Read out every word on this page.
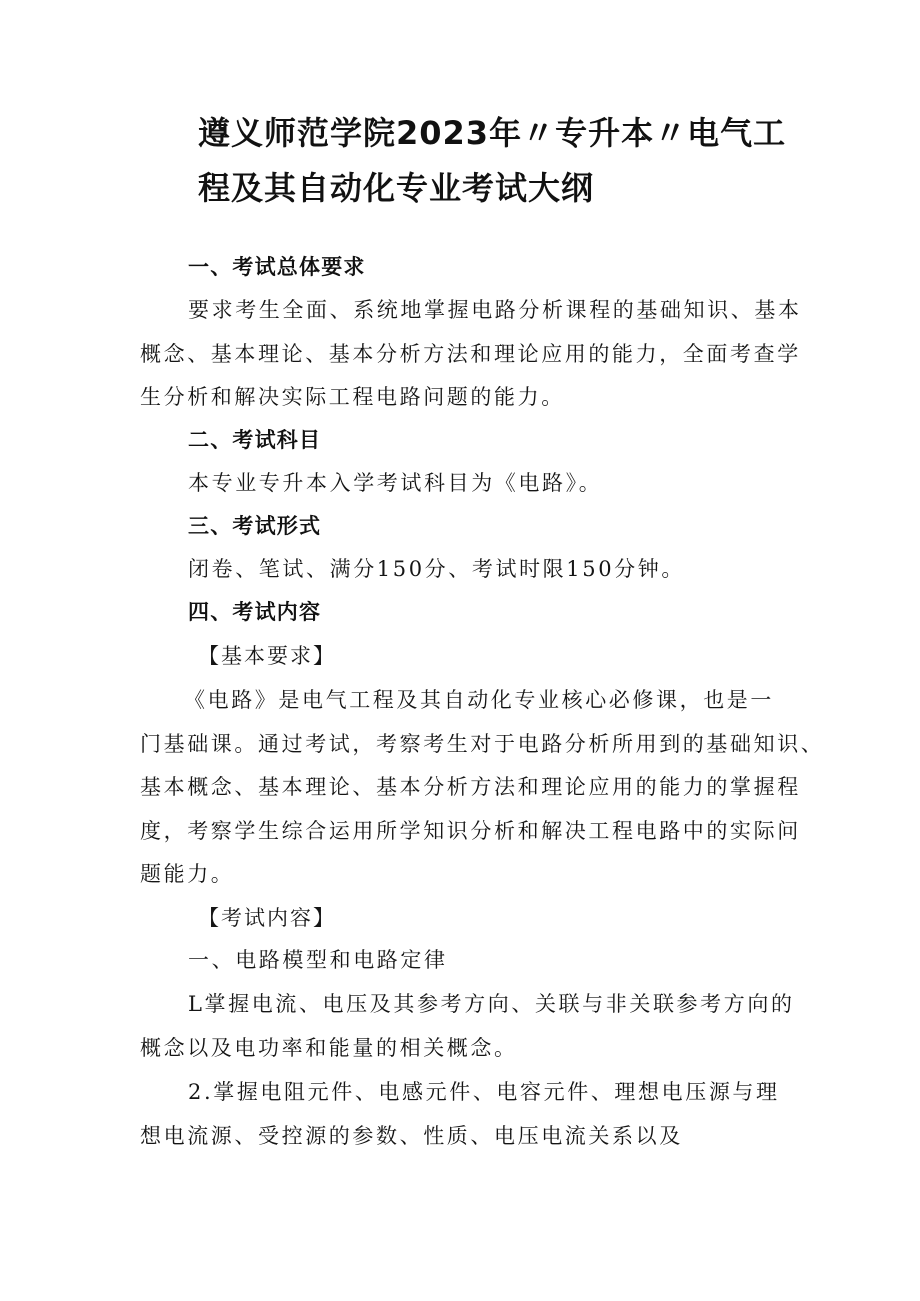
遵义师范学院2023年〃专升本〃电气工
程及其自动化专业考试大纲

一、考试总体要求

要求考生全面、系统地掌握电路分析课程的基础知识、基本

概念、基本理论、基本分析方法和理论应用的能力，全面考查学

生分析和解决实际工程电路问题的能力。

二、考试科目

本专业专升本入学考试科目为《电路》。

三、考试形式

闭卷、笔试、满分150分、考试时限150分钟。

四、考试内容

【基本要求】

《电路》是电气工程及其自动化专业核心必修课，也是一

门基础课。通过考试，考察考生对于电路分析所用到的基础知识、

基本概念、基本理论、基本分析方法和理论应用的能力的掌握程

度，考察学生综合运用所学知识分析和解决工程电路中的实际问

题能力。

【考试内容】

一、电路模型和电路定律

L掌握电流、电压及其参考方向、关联与非关联参考方向的

概念以及电功率和能量的相关概念。

2.掌握电阻元件、电感元件、电容元件、理想电压源与理

想电流源、受控源的参数、性质、电压电流关系以及
